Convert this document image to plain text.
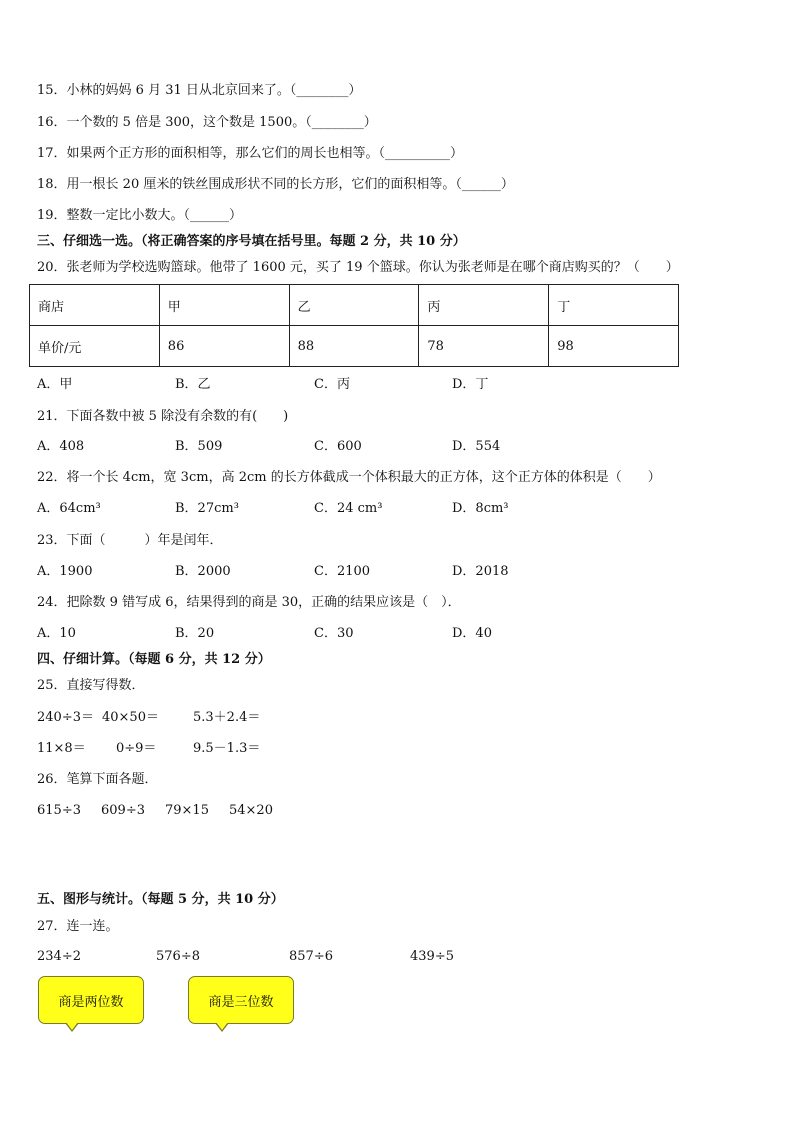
15．小林的妈妈 6 月 31 日从北京回来了。（________）
16．一个数的 5 倍是 300，这个数是 1500。（________）
17．如果两个正方形的面积相等，那么它们的周长也相等。（__________）
18．用一根长 20 厘米的铁丝围成形状不同的长方形，它们的面积相等。（______）
19．整数一定比小数大。（______）
三、仔细选一选。（将正确答案的序号填在括号里。每题 2 分，共 10 分）
20．张老师为学校选购篮球。他带了 1600 元，买了 19 个篮球。你认为张老师是在哪个商店购买的？（　　）
商店	甲	乙	丙	丁
单价/元	86	88	78	98
A．甲	B．乙	C．丙	D．丁
21．下面各数中被 5 除没有余数的有(　　)
A．408	B．509	C．600	D．554
22．将一个长 4cm，宽 3cm，高 2cm 的长方体截成一个体积最大的正方体，这个正方体的体积是（　　）
A．64cm³	B．27cm³	C．24 cm³	D．8cm³
23．下面（　　　）年是闰年．
A．1900	B．2000	C．2100	D．2018
24．把除数 9 错写成 6，结果得到的商是 30，正确的结果应该是（　）．
A．10	B．20	C．30	D．40
四、仔细计算。（每题 6 分，共 12 分）
25．直接写得数．
240÷3＝ 40×50＝	5.3＋2.4＝
11×8＝ 0÷9＝	9.5－1.3＝
26．笔算下面各题．
615÷3 609÷3 79×15 54×20
五、图形与统计。（每题 5 分，共 10 分）
27．连一连。
234÷2	576÷8	857÷6	439÷5
商是两位数	商是三位数
